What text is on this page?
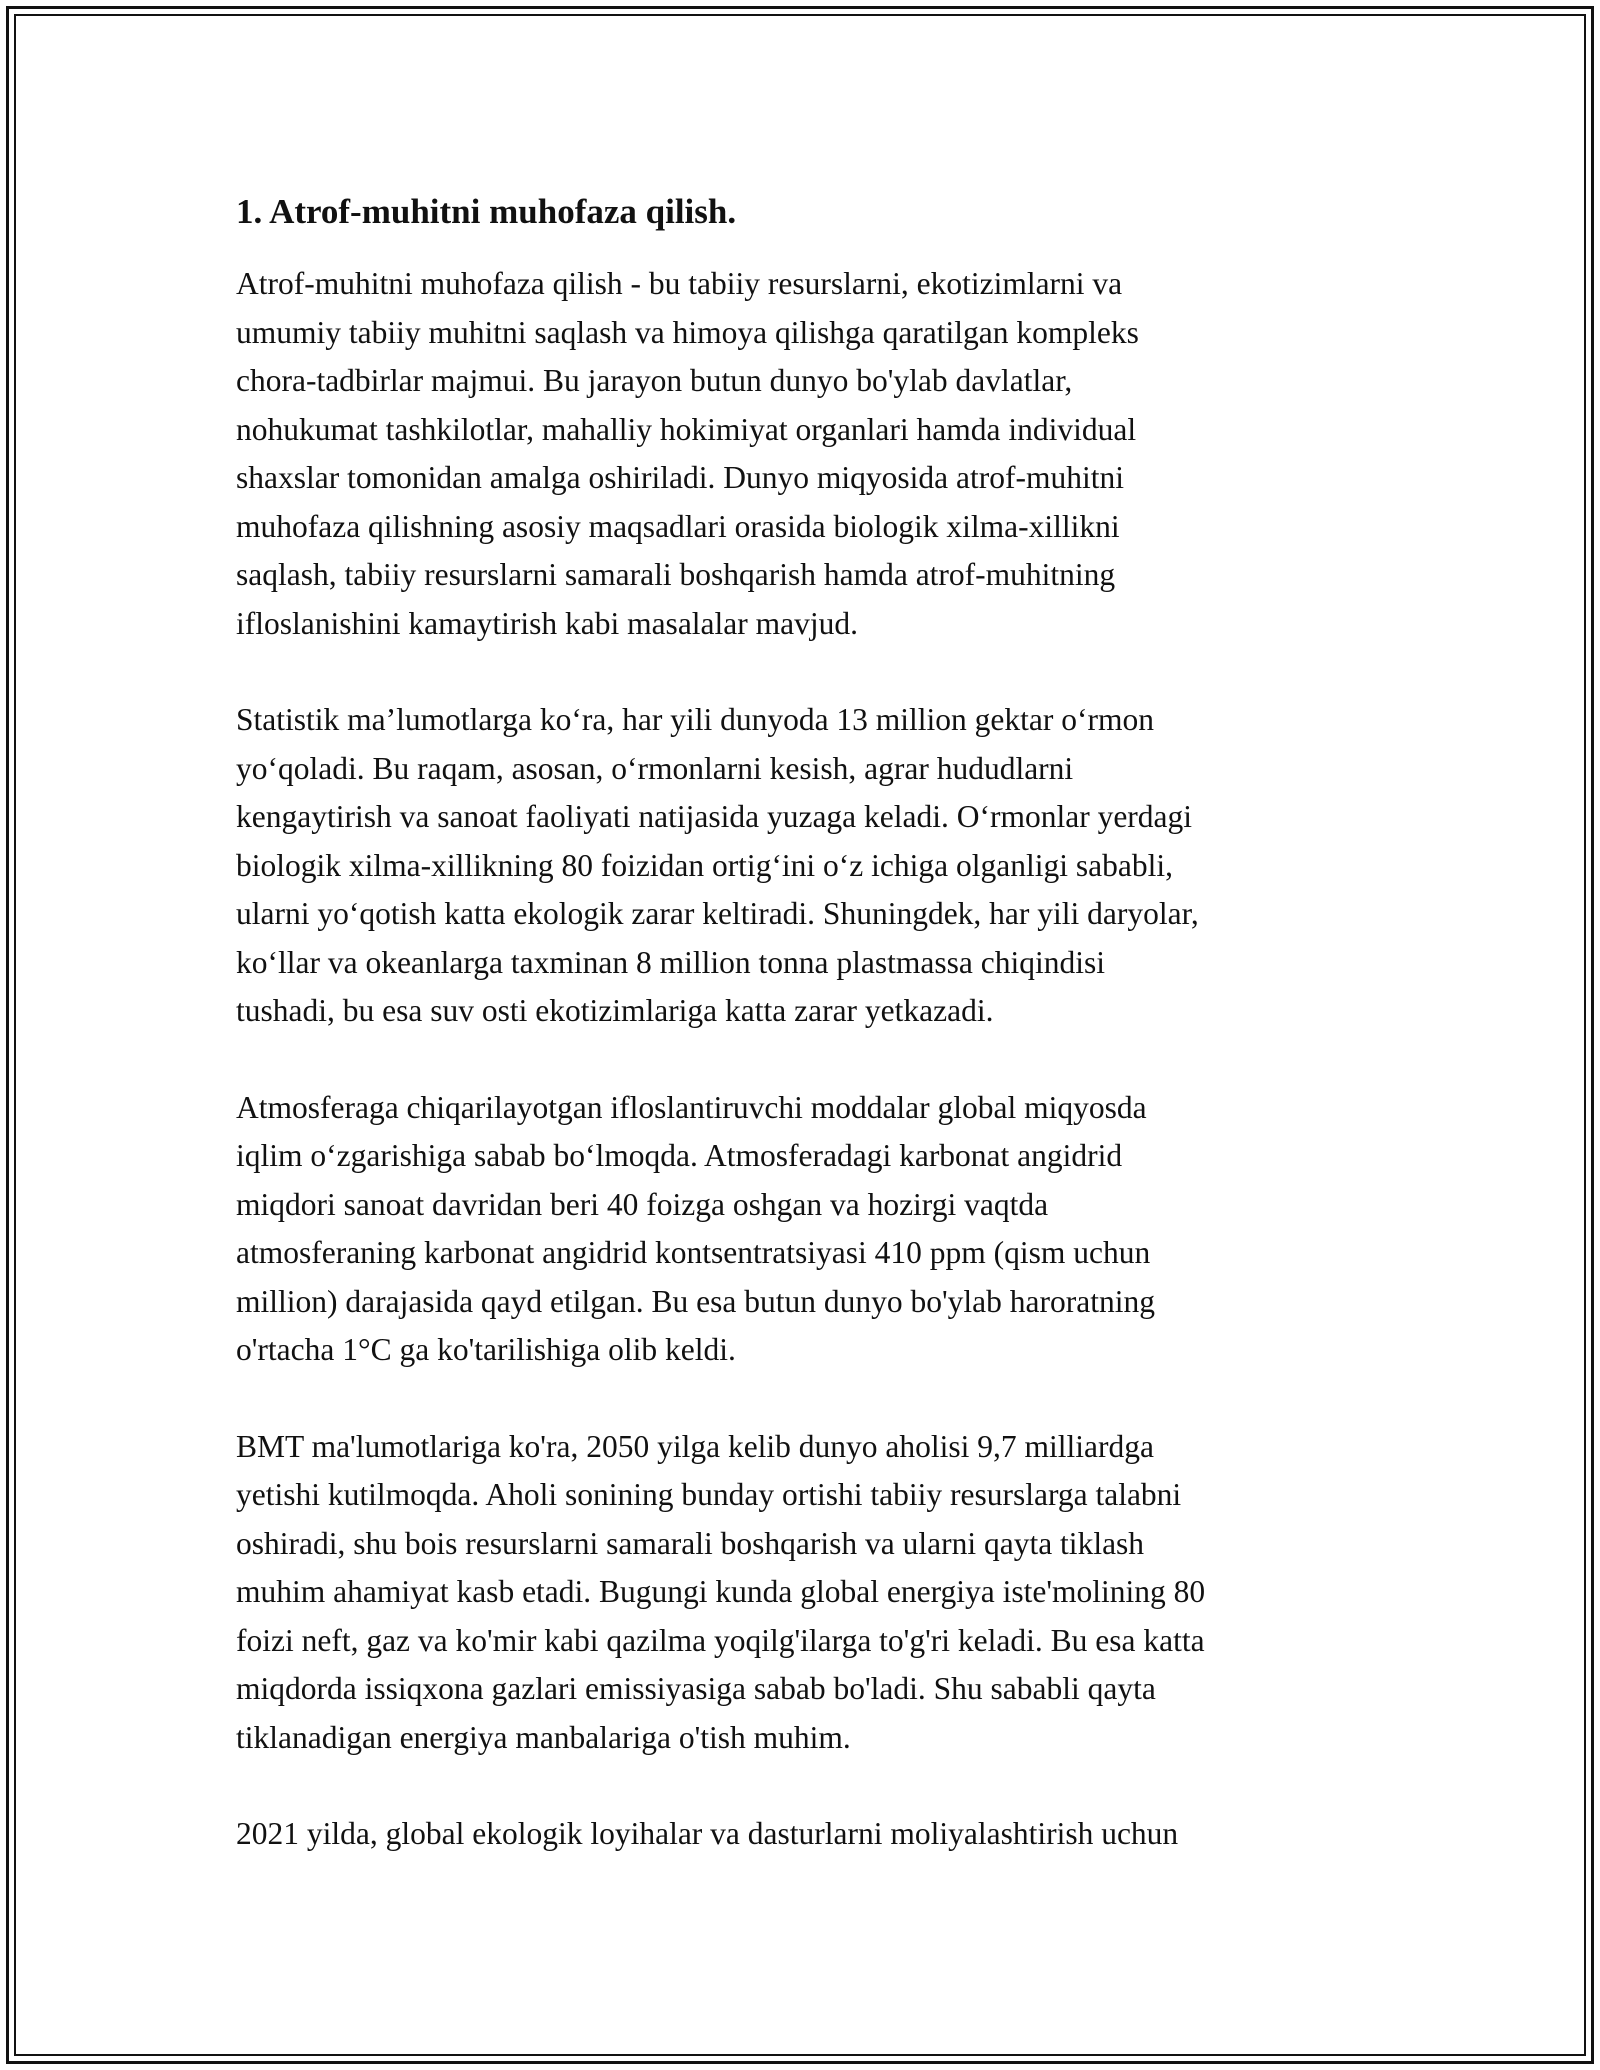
1. Atrof-muhitni muhofaza qilish.

Atrof-muhitni muhofaza qilish - bu tabiiy resurslarni, ekotizimlarni va
umumiy tabiiy muhitni saqlash va himoya qilishga qaratilgan kompleks
chora-tadbirlar majmui. Bu jarayon butun dunyo bo'ylab davlatlar,
nohukumat tashkilotlar, mahalliy hokimiyat organlari hamda individual
shaxslar tomonidan amalga oshiriladi. Dunyo miqyosida atrof-muhitni
muhofaza qilishning asosiy maqsadlari orasida biologik xilma-xillikni
saqlash, tabiiy resurslarni samarali boshqarish hamda atrof-muhitning
ifloslanishini kamaytirish kabi masalalar mavjud.

Statistik ma’lumotlarga koʻra, har yili dunyoda 13 million gektar oʻrmon
yoʻqoladi. Bu raqam, asosan, oʻrmonlarni kesish, agrar hududlarni
kengaytirish va sanoat faoliyati natijasida yuzaga keladi. Oʻrmonlar yerdagi
biologik xilma-xillikning 80 foizidan ortigʻini oʻz ichiga olganligi sababli,
ularni yoʻqotish katta ekologik zarar keltiradi. Shuningdek, har yili daryolar,
koʻllar va okeanlarga taxminan 8 million tonna plastmassa chiqindisi
tushadi, bu esa suv osti ekotizimlariga katta zarar yetkazadi.

Atmosferaga chiqarilayotgan ifloslantiruvchi moddalar global miqyosda
iqlim oʻzgarishiga sabab boʻlmoqda. Atmosferadagi karbonat angidrid
miqdori sanoat davridan beri 40 foizga oshgan va hozirgi vaqtda
atmosferaning karbonat angidrid kontsentratsiyasi 410 ppm (qism uchun
million) darajasida qayd etilgan. Bu esa butun dunyo bo'ylab haroratning
o'rtacha 1°C ga ko'tarilishiga olib keldi.

BMT ma'lumotlariga ko'ra, 2050 yilga kelib dunyo aholisi 9,7 milliardga
yetishi kutilmoqda. Aholi sonining bunday ortishi tabiiy resurslarga talabni
oshiradi, shu bois resurslarni samarali boshqarish va ularni qayta tiklash
muhim ahamiyat kasb etadi. Bugungi kunda global energiya iste'molining 80
foizi neft, gaz va ko'mir kabi qazilma yoqilg'ilarga to'g'ri keladi. Bu esa katta
miqdorda issiqxona gazlari emissiyasiga sabab bo'ladi. Shu sababli qayta
tiklanadigan energiya manbalariga o'tish muhim.

2021 yilda, global ekologik loyihalar va dasturlarni moliyalashtirish uchun
